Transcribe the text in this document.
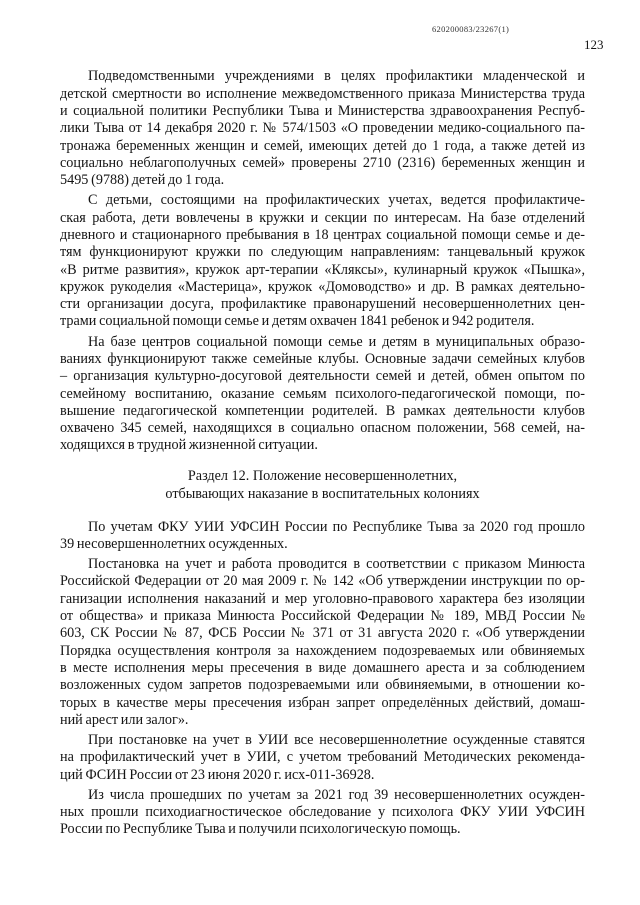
620200083/23267(1)
123
Подведомственными учреждениями в целях профилактики младенческой и
детской смертности во исполнение межведомственного приказа Министерства труда
и социальной политики Республики Тыва и Министерства здравоохранения Респуб-
лики Тыва от 14 декабря 2020 г. № 574/1503 «О проведении медико-социального па-
тронажа беременных женщин и семей, имеющих детей до 1 года, а также детей из
социально неблагополучных семей» проверены 2710 (2316) беременных женщин и
5495 (9788) детей до 1 года.
С детьми, состоящими на профилактических учетах, ведется профилактиче-
ская работа, дети вовлечены в кружки и секции по интересам. На базе отделений
дневного и стационарного пребывания в 18 центрах социальной помощи семье и де-
тям функционируют кружки по следующим направлениям: танцевальный кружок
«В ритме развития», кружок арт-терапии «Кляксы», кулинарный кружок «Пышка»,
кружок рукоделия «Мастерица», кружок «Домоводство» и др. В рамках деятельно-
сти организации досуга, профилактике правонарушений несовершеннолетних цен-
трами социальной помощи семье и детям охвачен 1841 ребенок и 942 родителя.
На базе центров социальной помощи семье и детям в муниципальных образо-
ваниях функционируют также семейные клубы. Основные задачи семейных клубов
– организация культурно-досуговой деятельности семей и детей, обмен опытом по
семейному воспитанию, оказание семьям психолого-педагогической помощи, по-
вышение педагогической компетенции родителей. В рамках деятельности клубов
охвачено 345 семей, находящихся в социально опасном положении, 568 семей, на-
ходящихся в трудной жизненной ситуации.
Раздел 12. Положение несовершеннолетних,
отбывающих наказание в воспитательных колониях
По учетам ФКУ УИИ УФСИН России по Республике Тыва за 2020 год прошло
39 несовершеннолетних осужденных.
Постановка на учет и работа проводится в соответствии с приказом Минюста
Российской Федерации от 20 мая 2009 г. № 142 «Об утверждении инструкции по ор-
ганизации исполнения наказаний и мер уголовно-правового характера без изоляции
от общества» и приказа Минюста Российской Федерации № 189, МВД России №
603, СК России № 87, ФСБ России № 371 от 31 августа 2020 г. «Об утверждении
Порядка осуществления контроля за нахождением подозреваемых или обвиняемых
в месте исполнения меры пресечения в виде домашнего ареста и за соблюдением
возложенных судом запретов подозреваемыми или обвиняемыми, в отношении ко-
торых в качестве меры пресечения избран запрет определённых действий, домаш-
ний арест или залог».
При постановке на учет в УИИ все несовершеннолетние осужденные ставятся
на профилактический учет в УИИ, с учетом требований Методических рекоменда-
ций ФСИН России от 23 июня 2020 г. исх-011-36928.
Из числа прошедших по учетам за 2021 год 39 несовершеннолетних осужден-
ных прошли психодиагностическое обследование у психолога ФКУ УИИ УФСИН
России по Республике Тыва и получили психологическую помощь.
